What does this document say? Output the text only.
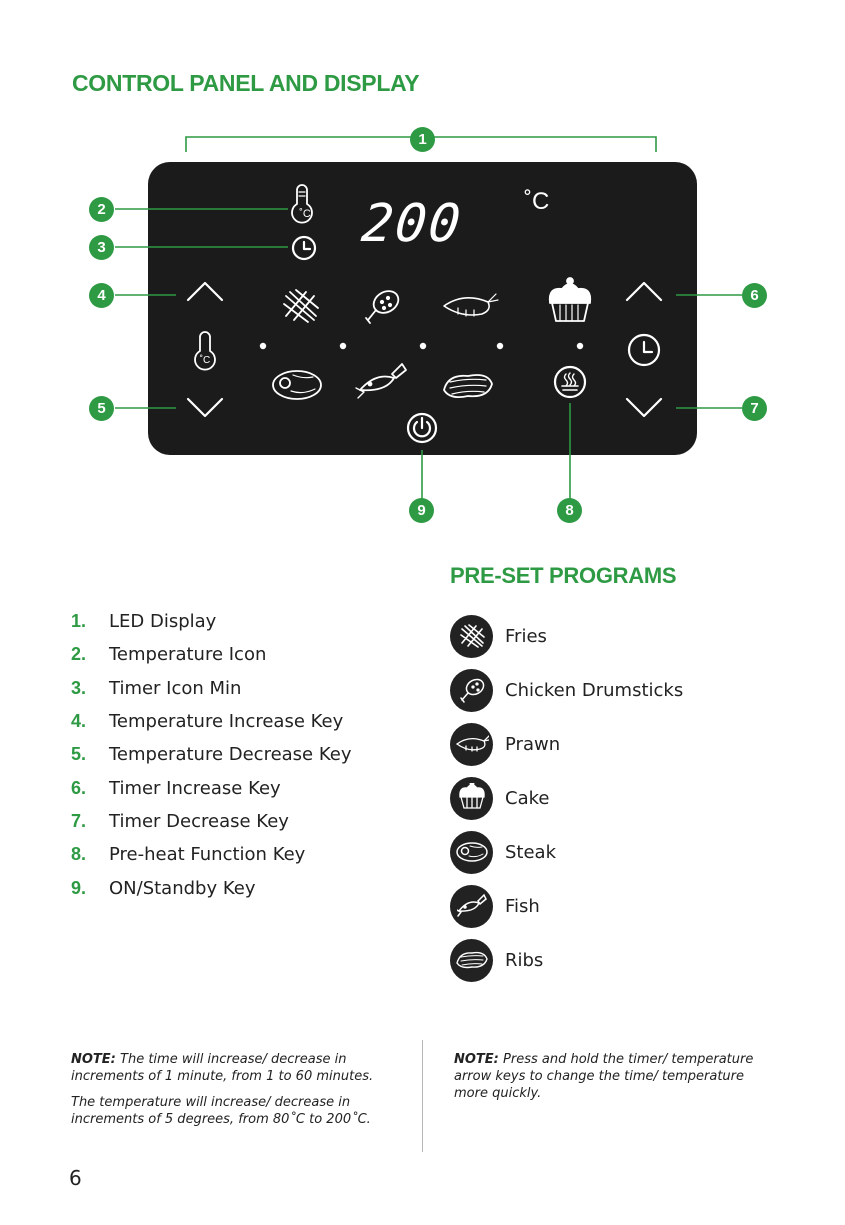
CONTROL PANEL AND DISPLAY
˚C
˚C
200	˚C
1
2
3
4
5
6
7
8
9
1.	LED Display
2.	Temperature Icon
3.	Timer Icon Min
4.	Temperature Increase Key
5.	Temperature Decrease Key
6.	Timer Increase Key
7.	Timer Decrease Key
8.	Pre-heat Function Key
9.	ON/Standby Key
PRE-SET PROGRAMS
Fries
Chicken Drumsticks
Prawn
Cake
Steak
Fish
Ribs

NOTE: The time will increase/ decrease in increments of 1 minute, from 1 to 60 minutes.

The temperature will increase/ decrease in increments of 5 degrees, from 80˚C to 200˚C.

NOTE: Press and hold the timer/ temperature arrow keys to change the time/ temperature more quickly.

6
